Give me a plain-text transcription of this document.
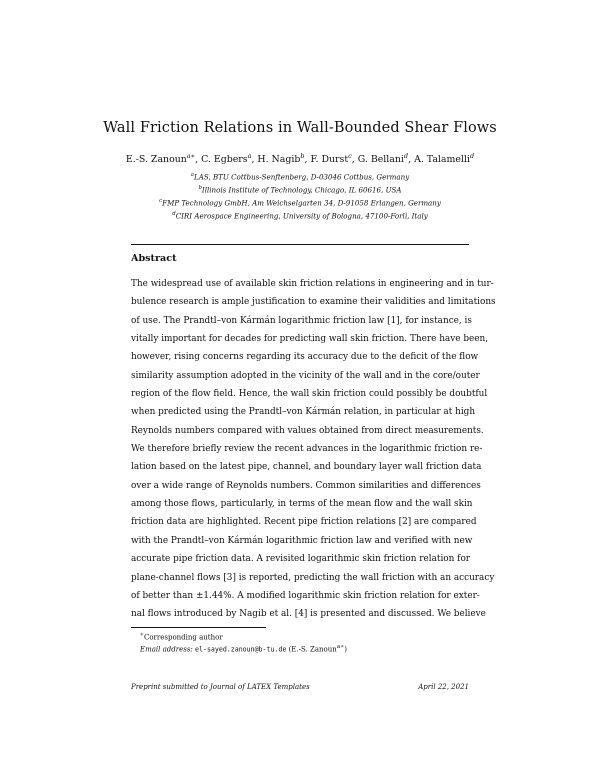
Wall Friction Relations in Wall-Bounded Shear Flows
E.-S. Zanoun$^{a∗}$, C. Egbers$^a$, H. Nagib$^b$, F. Durst$^c$, G. Bellani$^d$, A. Talamelli$^d$
$^a$LAS, BTU Cottbus-Senftenberg, D-03046 Cottbus, Germany
$^b$Illinois Institute of Technology, Chicago, IL 60616, USA
$^c$FMP Technology GmbH, Am Weichselgarten 34, D-91058 Erlangen, Germany
$^d$CIRI Aerospace Engineering, University of Bologna, 47100-Forlì, Italy
Abstract
The widespread use of available skin friction relations in engineering and in tur-
bulence research is ample justification to examine their validities and limitations
of use. The Prandtl–von Kármán logarithmic friction law [1], for instance, is
vitally important for decades for predicting wall skin friction. There have been,
however, rising concerns regarding its accuracy due to the deficit of the flow
similarity assumption adopted in the vicinity of the wall and in the core/outer
region of the flow field. Hence, the wall skin friction could possibly be doubtful
when predicted using the Prandtl–von Kármán relation, in particular at high
Reynolds numbers compared with values obtained from direct measurements.
We therefore briefly review the recent advances in the logarithmic friction re-
lation based on the latest pipe, channel, and boundary layer wall friction data
over a wide range of Reynolds numbers. Common similarities and differences
among those flows, particularly, in terms of the mean flow and the wall skin
friction data are highlighted. Recent pipe friction relations [2] are compared
with the Prandtl–von Kármán logarithmic friction law and verified with new
accurate pipe friction data. A revisited logarithmic skin friction relation for
plane-channel flows [3] is reported, predicting the wall friction with an accuracy
of better than ±1.44%. A modified logarithmic skin friction relation for exter-
nal flows introduced by Nagib et al. [4] is presented and discussed. We believe
∗Corresponding author
Email address: el-sayed.zanoun@b-tu.de (E.-S. Zanoun$^{a∗}$)
Preprint submitted to Journal of LATEX Templates	April 22, 2021
